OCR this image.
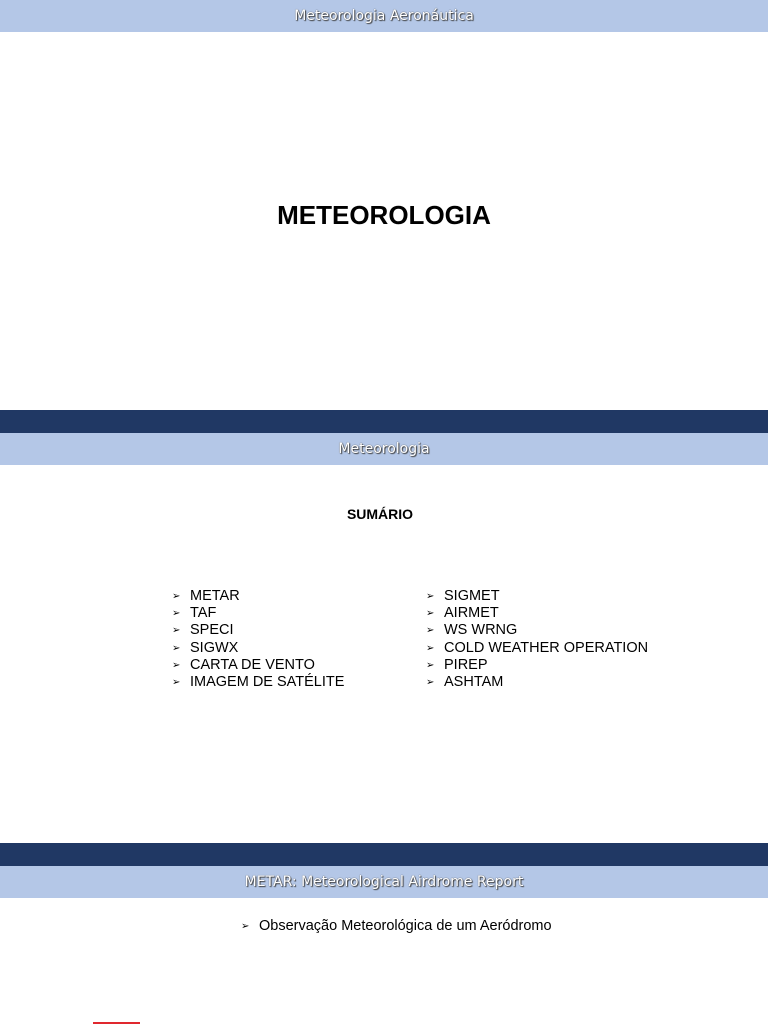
Meteorologia Aeronáutica
METEOROLOGIA
Meteorologia
SUMÁRIO
➢ METAR
➢ TAF
➢ SPECI
➢ SIGWX
➢ CARTA DE VENTO
➢ IMAGEM DE SATÉLITE
➢ SIGMET
➢ AIRMET
➢ WS WRNG
➢ COLD WEATHER OPERATION
➢ PIREP
➢ ASHTAM
METAR: Meteorological Airdrome Report
➢ Observação Meteorológica de um Aeródromo
